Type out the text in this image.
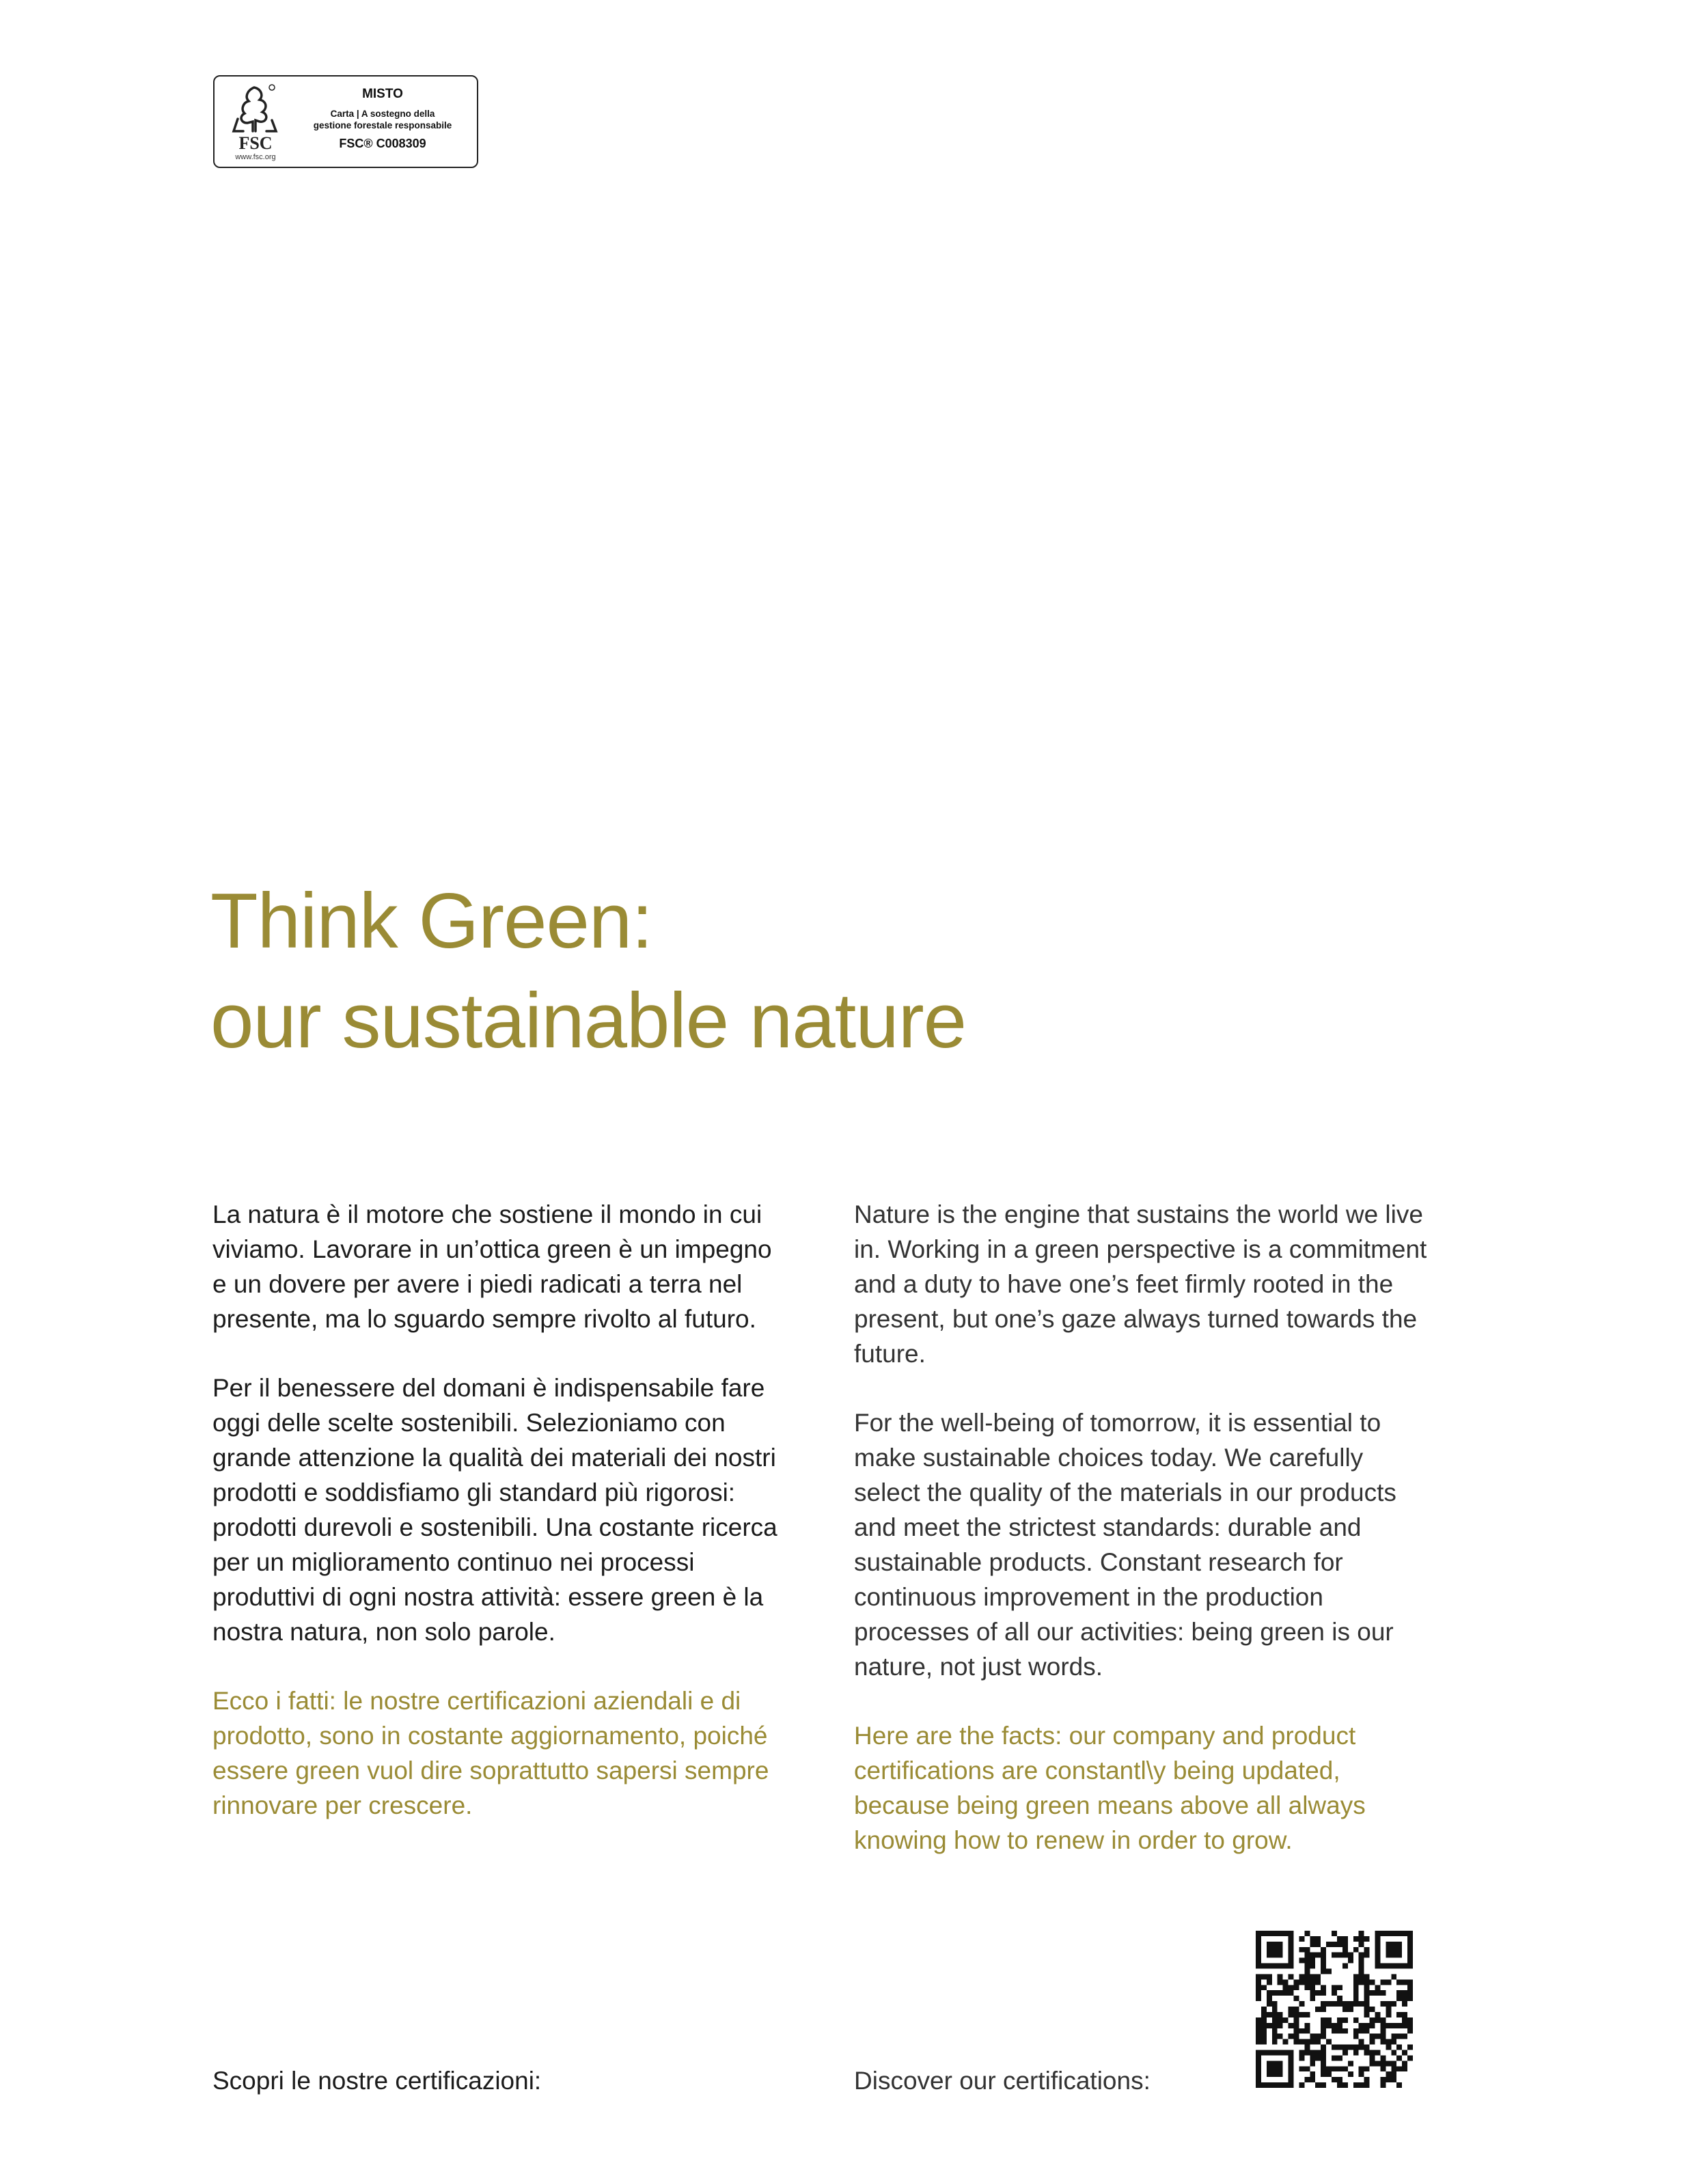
FSC
www.fsc.org
MISTO
Carta | A sostegno della
gestione forestale responsabile
FSC® C008309
Think Green:
our sustainable nature

La natura è il motore che sostiene il mondo in cui viviamo. Lavorare in un’ottica green è un impegno e un dovere per avere i piedi radicati a terra nel presente, ma lo sguardo sempre rivolto al futuro.

Per il benessere del domani è indispensabile fare oggi delle scelte sostenibili. Selezioniamo con grande attenzione la qualità dei materiali dei nostri prodotti e soddisfiamo gli standard più rigorosi: prodotti durevoli e sostenibili. Una costante ricerca per un miglioramento continuo nei processi produttivi di ogni nostra attività: essere green è la nostra natura, non solo parole.

Ecco i fatti: le nostre certificazioni aziendali e di prodotto, sono in costante aggiornamento, poiché essere green vuol dire soprattutto sapersi sempre rinnovare per crescere.

Nature is the engine that sustains the world we live in. Working in a green perspective is a commitment and a duty to have one’s feet firmly rooted in the present, but one’s gaze always turned towards the future.

For the well-being of tomorrow, it is essential to make sustainable choices today. We carefully select the quality of the materials in our products and meet the strictest standards: durable and sustainable products. Constant research for continuous improvement in the production processes of all our activities: being green is our nature, not just words.

Here are the facts: our company and product certifications are constantl\y being updated, because being green means above all always knowing how to renew in order to grow.

Scopri le nostre certificazioni:	Discover our certifications:
